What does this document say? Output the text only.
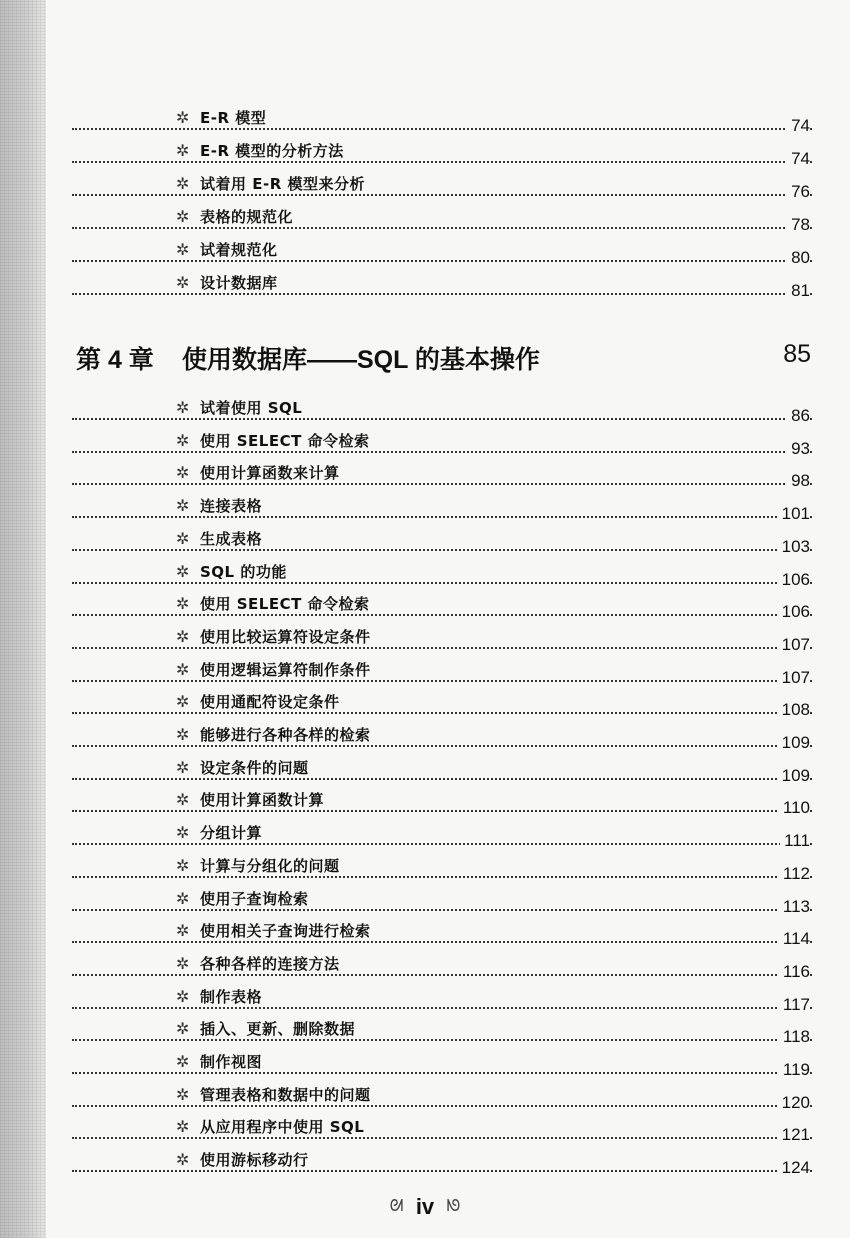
✲ E-R 模型	74
✲ E-R 模型的分析方法	74
✲ 试着用 E-R 模型来分析	76
✲ 表格的规范化	78
✲ 试着规范化	80
✲ 设计数据库	81
第 4 章 使用数据库——SQL 的基本操作	85
✲ 试着使用 SQL	86
✲ 使用 SELECT 命令检索	93
✲ 使用计算函数来计算	98
✲ 连接表格	101
✲ 生成表格	103
✲ SQL 的功能	106
✲ 使用 SELECT 命令检索	106
✲ 使用比较运算符设定条件	107
✲ 使用逻辑运算符制作条件	107
✲ 使用通配符设定条件	108
✲ 能够进行各种各样的检索	109
✲ 设定条件的问题	109
✲ 使用计算函数计算	110
✲ 分组计算	111
✲ 计算与分组化的问题	112
✲ 使用子查询检索	113
✲ 使用相关子查询进行检索	114
✲ 各种各样的连接方法	116
✲ 制作表格	117
✲ 插入、更新、删除数据	118
✲ 制作视图	119
✲ 管理表格和数据中的问题	120
✲ 从应用程序中使用 SQL	121
✲ 使用游标移动行	124
ᘛ iv ᘚ
